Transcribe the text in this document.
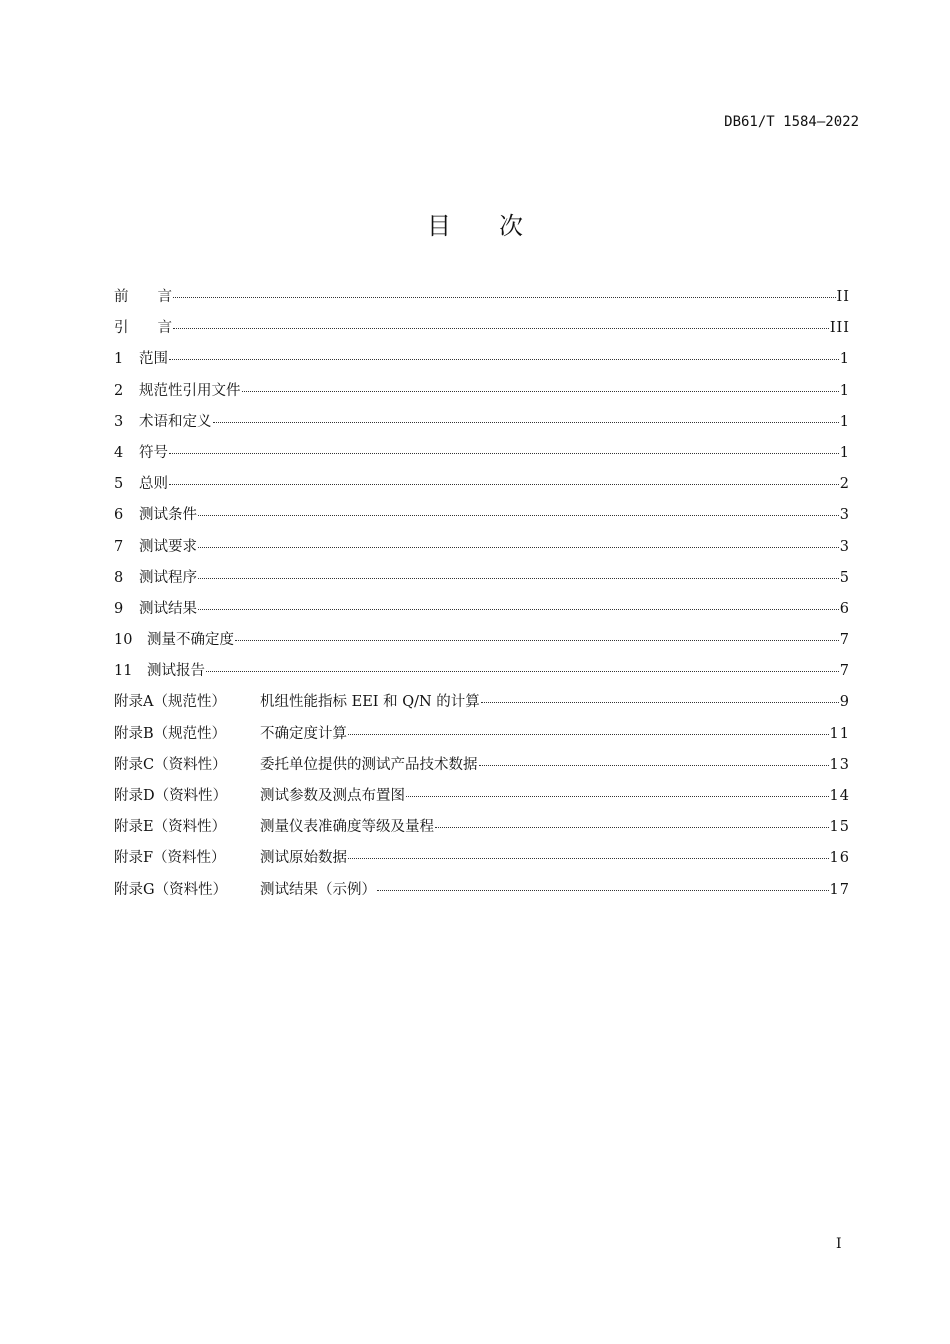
DB61/T 1584—2022
目次
前　　言	II
引　　言	III
1	范围	1
2	规范性引用文件	1
3	术语和定义	1
4	符号	1
5	总则	2
6	测试条件	3
7	测试要求	3
8	测试程序	5
9	测试结果	6
10	测量不确定度	7
11	测试报告	7
附录A（规范性）	机组性能指标 EEI 和 Q/N 的计算	9
附录B（规范性）	不确定度计算	11
附录C（资料性）	委托单位提供的测试产品技术数据	13
附录D（资料性）	测试参数及测点布置图	14
附录E（资料性）	测量仪表准确度等级及量程	15
附录F（资料性）	测试原始数据	16
附录G（资料性）	测试结果（示例）	17
I
